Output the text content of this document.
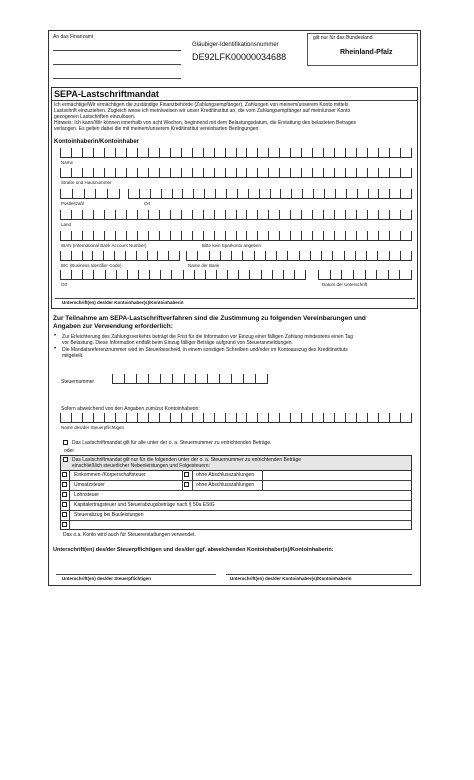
An das Finanzamt
Gläubiger-Identifikationsnummer
DE92LFK00000034688
gilt nur für das Bundesland
Rheinland-Pfalz
SEPA-Lastschriftmandat
Ich ermächtige/Wir ermächtigen die zuständige Finanzbehörde (Zahlungsempfänger), Zahlungen von meinem/unserem Konto mittels
Lastschrift einzuziehen. Zugleich weise ich mein/weisen wir unser Kreditinstitut an, die vom Zahlungsempfänger auf mein/unser Konto
gezogenen Lastschriften einzulösen.
Hinweis: Ich kann/Wir können innerhalb von acht Wochen, beginnend mit dem Belastungsdatum, die Erstattung des belasteten Betrages
verlangen. Es gelten dabei die mit meinem/unserem Kreditinstitut vereinbarten Bedingungen.
Kontoinhaberin/Kontoinhaber
Name
Straße und Hausnummer
Postleitzahl	Ort
Land
IBAN (International Bank Account Number)	Bitte kein Sparkonto angeben
BIC (Business Identifier Code)	Name der Bank
Ort	Datum der Unterschrift
Unterschrift(en) des/der Kontoinhaber(s)/Kontoinhaberin
Zur Teilnahme am SEPA-Lastschriftverfahren sind die Zustimmung zu folgenden Vereinbarungen und
Angaben zur Verwendung erforderlich:
• Zur Erleichterung des Zahlungsverkehrs beträgt die Frist für die Information vor Einzug einer fälligen Zahlung mindestens einen Tag
vor Belastung. Diese Information entfällt beim Einzug fälliger Beträge aufgrund von Steueranmeldungen.
• Die Mandatsreferenznummer wird im Steuerbescheid, in einem sonstigen Schreiben und/oder im Kontoauszug des Kreditinstituts
mitgeteilt.
Steuernummer
Sofern abweichend von den Angaben zum/zur Kontoinhaberin:
Name des/der Steuerpflichtigen
Das Lastschriftmandat gilt für alle unter der o. a. Steuernummer zu entrichtenden Beträge.
oder
Das Lastschriftmandat gilt nur für die folgenden unter der o. a. Steuernummer zu entrichtenden Beträge
einschließlich steuerlicher Nebenleistungen und Folgesteuern:
Einkommen-/Körperschaftsteuer	ohne Abschlusszahlungen
Umsatzsteuer	ohne Abschlusszahlungen
Lohnsteuer
Kapitalertragsteuer und Steuerabzugsbeträge nach § 50a EStG
Steuerabzug bei Bauleistungen
Das o.a. Konto wird auch für Steuererstattungen verwendet.
Unterschrift(en) des/der Steuerpflichtigen und des/der ggf. abweichenden Kontoinhaber(s)/Kontoinhaberin:
Unterschrift(en) des/der Steuerpflichtigen	Unterschrift(en) des/der Kontoinhaber(s)/Kontoinhaberin
